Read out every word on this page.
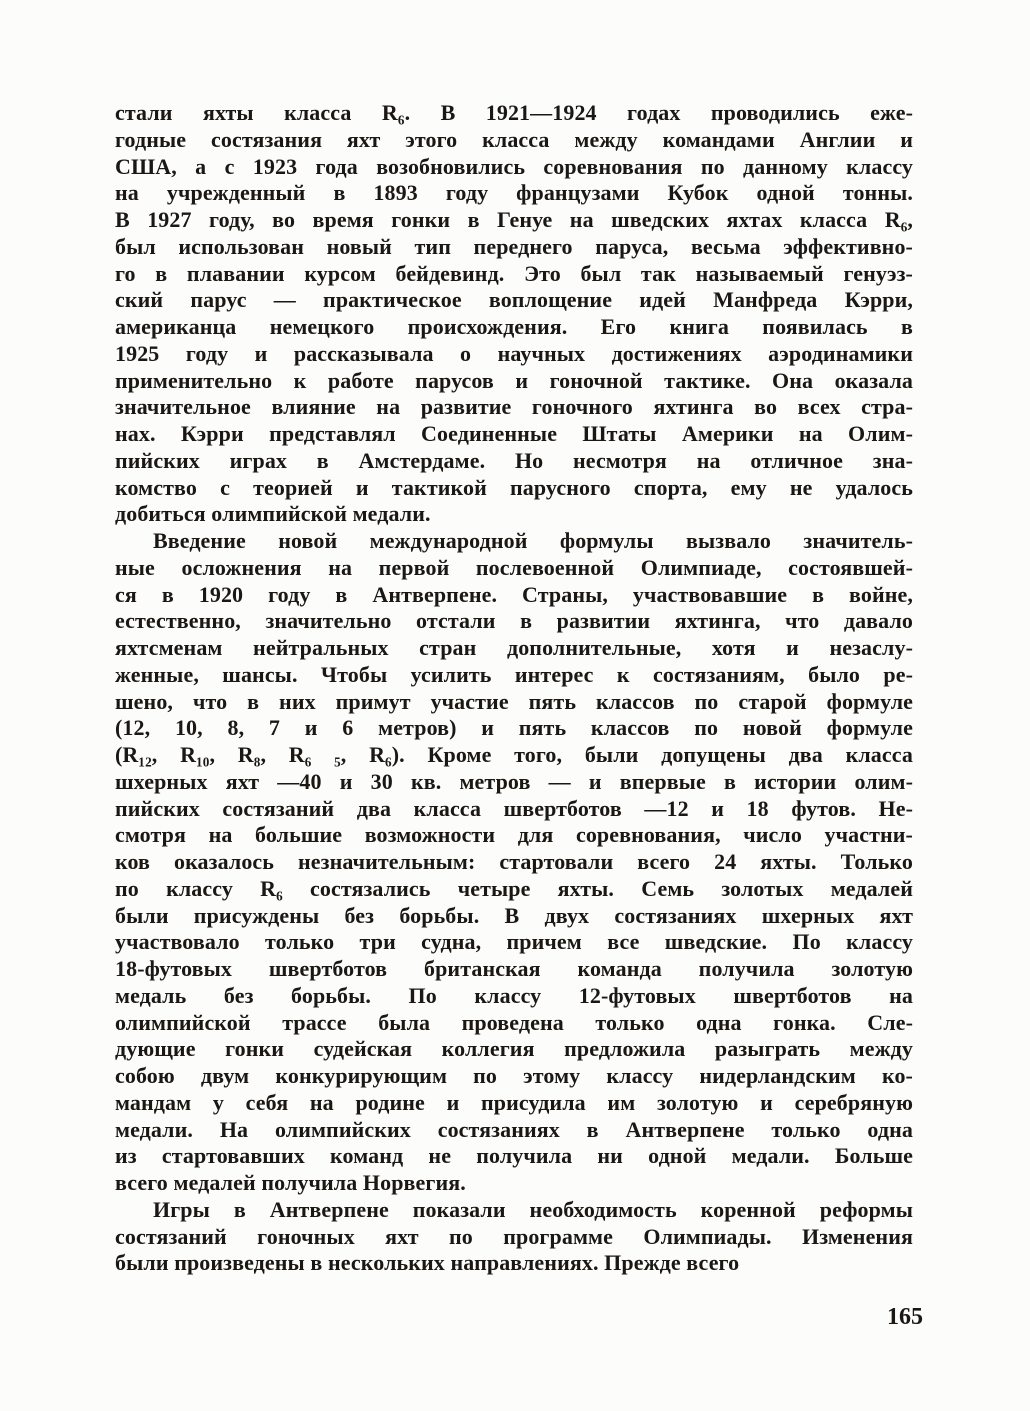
стали яхты класса R₆. В 1921—1924 годах проводились еже-
годные состязания яхт этого класса между командами Англии и
США, а с 1923 года возобновились соревнования по данному классу
на учрежденный в 1893 году французами Кубок одной тонны.
В 1927 году, во время гонки в Генуе на шведских яхтах класса R₆,
был использован новый тип переднего паруса, весьма эффективно-
го в плавании курсом бейдевинд. Это был так называемый генуэз-
ский парус — практическое воплощение идей Манфреда Кэрри,
американца немецкого происхождения. Его книга появилась в
1925 году и рассказывала о научных достижениях аэродинамики
применительно к работе парусов и гоночной тактике. Она оказала
значительное влияние на развитие гоночного яхтинга во всех стра-
нах. Кэрри представлял Соединенные Штаты Америки на Олим-
пийских играх в Амстердаме. Но несмотря на отличное зна-
комство с теорией и тактикой парусного спорта, ему не удалось
добиться олимпийской медали.
Введение новой международной формулы вызвало значитель-
ные осложнения на первой послевоенной Олимпиаде, состоявшей-
ся в 1920 году в Антверпене. Страны, участвовавшие в войне,
естественно, значительно отстали в развитии яхтинга, что давало
яхтсменам нейтральных стран дополнительные, хотя и незаслу-
женные, шансы. Чтобы усилить интерес к состязаниям, было ре-
шено, что в них примут участие пять классов по старой формуле
(12, 10, 8, 7 и 6 метров) и пять классов по новой формуле
(R₁₂, R₁₀, R₈, R₆ ₅, R₆). Кроме того, были допущены два класса
шхерных яхт —40 и 30 кв. метров — и впервые в истории олим-
пийских состязаний два класса швертботов —12 и 18 футов. Не-
смотря на большие возможности для соревнования, число участни-
ков оказалось незначительным: стартовали всего 24 яхты. Только
по классу R₆ состязались четыре яхты. Семь золотых медалей
были присуждены без борьбы. В двух состязаниях шхерных яхт
участвовало только три судна, причем все шведские. По классу
18-футовых швертботов британская команда получила золотую
медаль без борьбы. По классу 12-футовых швертботов на
олимпийской трассе была проведена только одна гонка. Сле-
дующие гонки судейская коллегия предложила разыграть между
собою двум конкурирующим по этому классу нидерландским ко-
мандам у себя на родине и присудила им золотую и серебряную
медали. На олимпийских состязаниях в Антверпене только одна
из стартовавших команд не получила ни одной медали. Больше
всего медалей получила Норвегия.
Игры в Антверпене показали необходимость коренной реформы
состязаний гоночных яхт по программе Олимпиады. Изменения
были произведены в нескольких направлениях. Прежде всего
165
